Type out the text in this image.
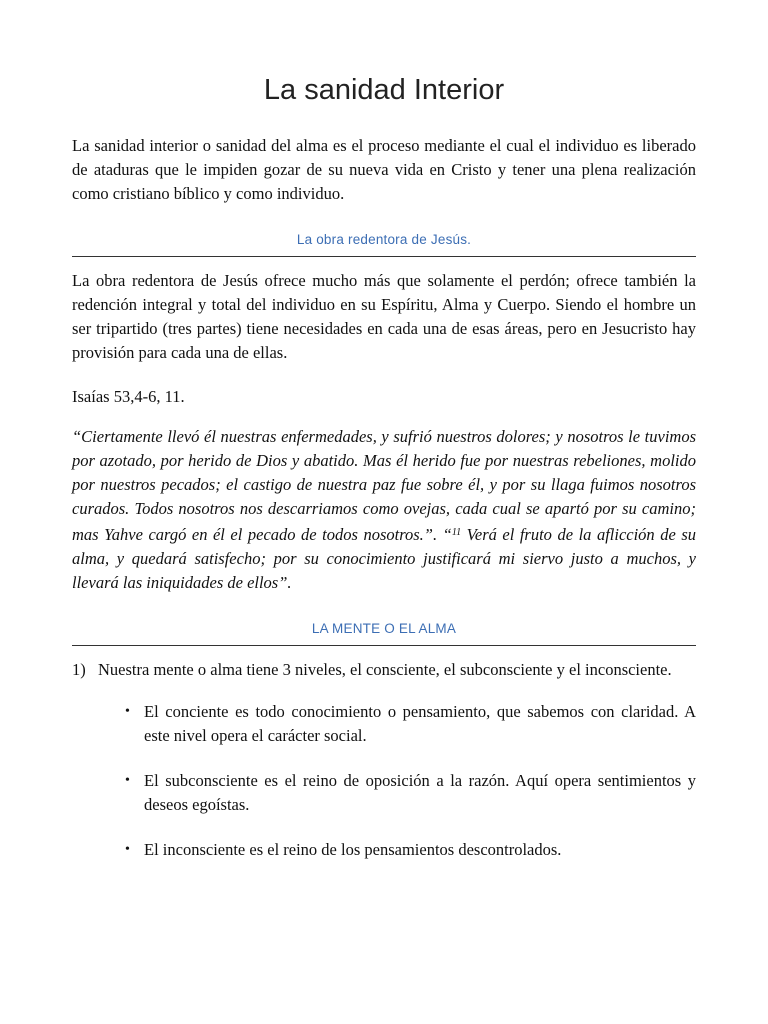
La sanidad Interior

La sanidad interior o sanidad del alma es el proceso mediante el cual el individuo es liberado de ataduras que le impiden gozar de su nueva vida en Cristo y tener una plena realización como cristiano bíblico y como individuo.

La obra redentora de Jesús.

La obra redentora de Jesús ofrece mucho más que solamente el perdón; ofrece también la redención integral y total del individuo en su Espíritu, Alma y Cuerpo. Siendo el hombre un ser tripartido (tres partes) tiene necesidades en cada una de esas áreas, pero en Jesucristo hay provisión para cada una de ellas.

Isaías 53,4-6, 11.
“Ciertamente llevó él nuestras enfermedades, y sufrió nuestros dolores; y nosotros le tuvimos por azotado, por herido de Dios y abatido. Mas él herido fue por nuestras rebeliones, molido por nuestros pecados; el castigo de nuestra paz fue sobre él, y por su llaga fuimos nosotros curados. Todos nosotros nos descarriamos como ovejas, cada cual se apartó por su camino; mas Yahve cargó en él el pecado de todos nosotros.”. “$^{11}$ Verá el fruto de la aflicción de su alma, y quedará satisfecho; por su conocimiento justificará mi siervo justo a muchos, y llevará las iniquidades de ellos”.
LA MENTE O EL ALMA
1) Nuestra mente o alma tiene 3 niveles, el consciente, el subconsciente y el inconsciente.
• El conciente es todo conocimiento o pensamiento, que sabemos con claridad. A este nivel opera el carácter social.
• El subconsciente es el reino de oposición a la razón. Aquí opera sentimientos y deseos egoístas.
• El inconsciente es el reino de los pensamientos descontrolados.
